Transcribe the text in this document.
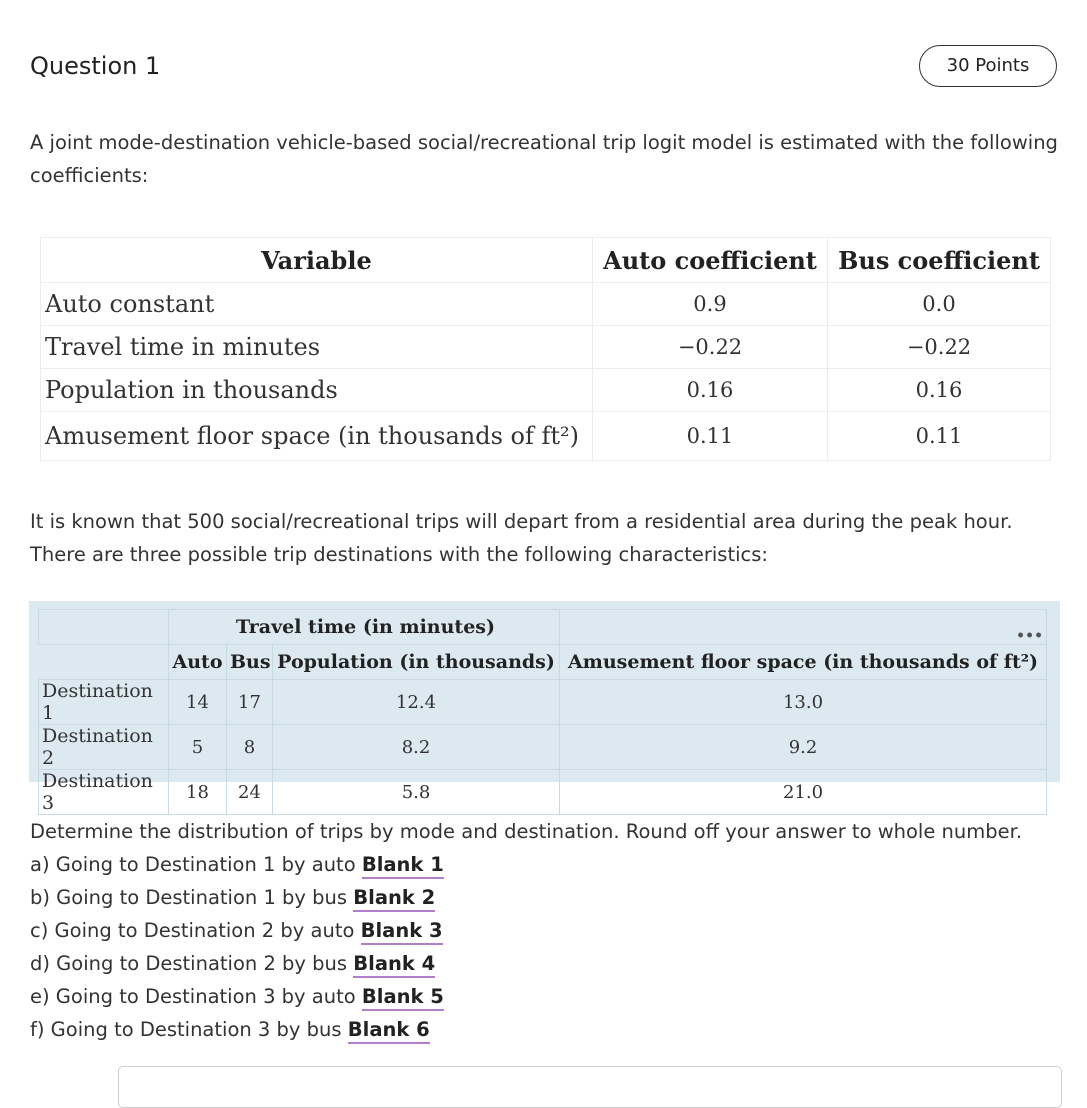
Question 1	30 Points
A joint mode-destination vehicle-based social/recreational trip logit model is estimated with the following coefficients:
Variable	Auto coefficient	Bus coefficient
Auto constant	0.9	0.0
Travel time in minutes	−0.22	−0.22
Population in thousands	0.16	0.16
Amusement floor space (in thousands of ft²)	0.11	0.11
It is known that 500 social/recreational trips will depart from a residential area during the peak hour. There are three possible trip destinations with the following characteristics:
	Travel time (in minutes)			•••
	Auto	Bus	Population (in thousands)	Amusement floor space (in thousands of ft²)
Destination 1	14	17	12.4	13.0
Destination 2	5	8	8.2	9.2
Destination 3	18	24	5.8	21.0
Determine the distribution of trips by mode and destination. Round off your answer to whole number.
a) Going to Destination 1 by auto Blank 1
b) Going to Destination 1 by bus Blank 2
c) Going to Destination 2 by auto Blank 3
d) Going to Destination 2 by bus Blank 4
e) Going to Destination 3 by auto Blank 5
f) Going to Destination 3 by bus Blank 6
